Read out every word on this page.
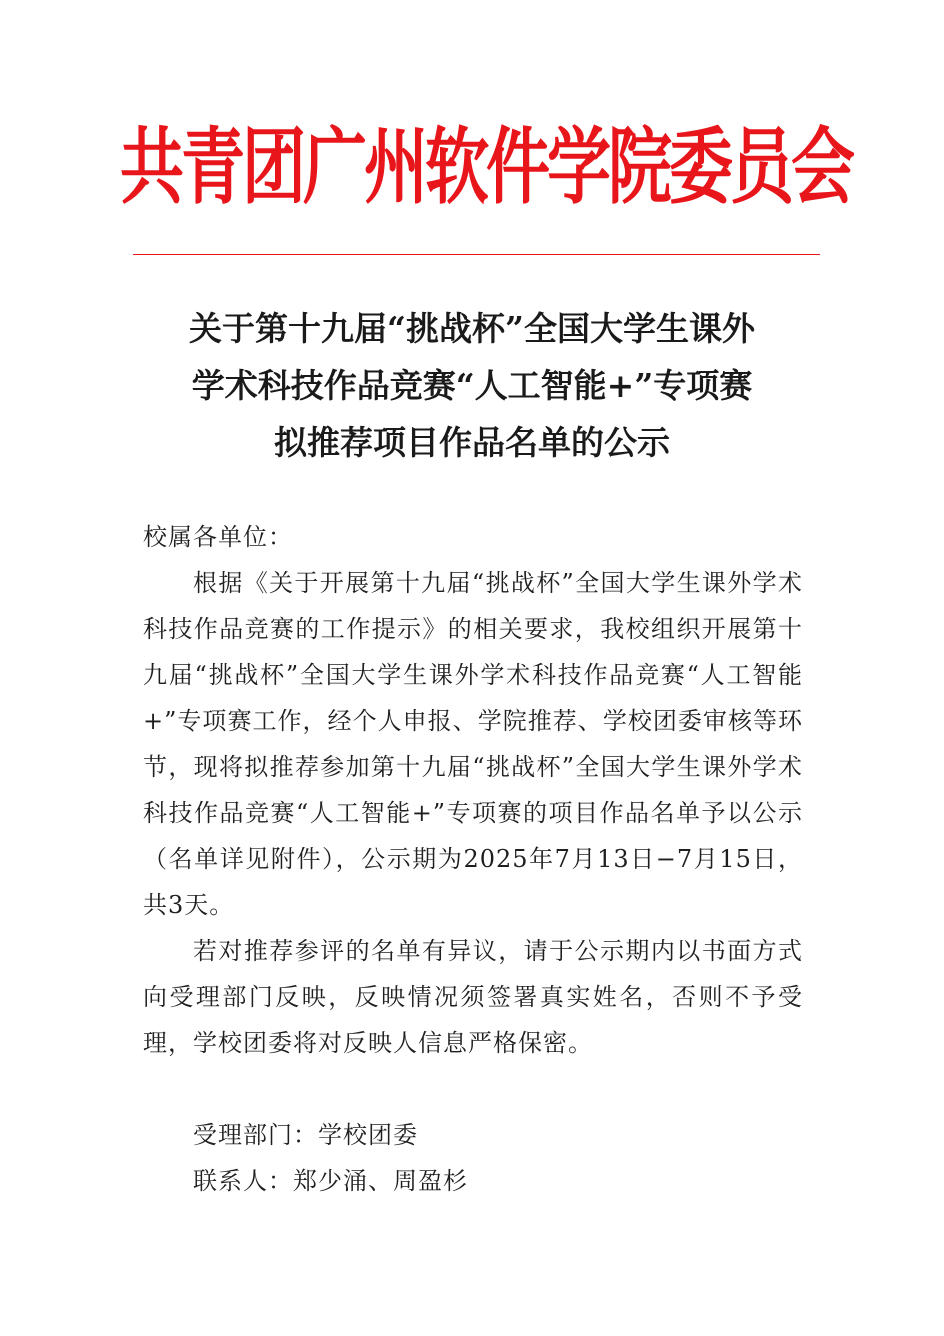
共青团广州软件学院委员会
关于第十九届“挑战杯”全国大学生课外
学术科技作品竞赛“人工智能+”专项赛
拟推荐项目作品名单的公示

校属各单位：

根据《关于开展第十九届“挑战杯”全国大学生课外学术科技作品竞赛的工作提示》的相关要求，我校组织开展第十九届“挑战杯”全国大学生课外学术科技作品竞赛“人工智能+”专项赛工作，经个人申报、学院推荐、学校团委审核等环节，现将拟推荐参加第十九届“挑战杯”全国大学生课外学术科技作品竞赛“人工智能+”专项赛的项目作品名单予以公示（名单详见附件），公示期为2025年7月13日−7月15日，共3天。

若对推荐参评的名单有异议，请于公示期内以书面方式向受理部门反映，反映情况须签署真实姓名，否则不予受理，学校团委将对反映人信息严格保密。

受理部门：学校团委
联系人：郑少涌、周盈杉
